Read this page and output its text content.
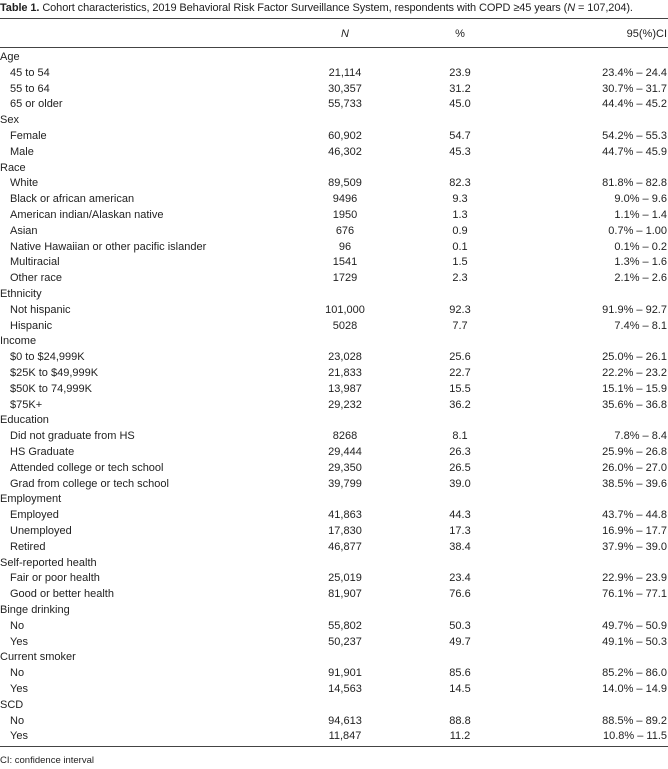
Table 1. Cohort characteristics, 2019 Behavioral Risk Factor Surveillance System, respondents with COPD ≥45 years (N = 107,204).
N	%	95(%)CI
Age
45 to 54	21,114	23.9	23.4% – 24.4
55 to 64	30,357	31.2	30.7% – 31.7
65 or older	55,733	45.0	44.4% – 45.2
Sex
Female	60,902	54.7	54.2% – 55.3
Male	46,302	45.3	44.7% – 45.9
Race
White	89,509	82.3	81.8% – 82.8
Black or african american	9496	9.3	9.0% – 9.6
American indian/Alaskan native	1950	1.3	1.1% – 1.4
Asian	676	0.9	0.7% – 1.00
Native Hawaiian or other pacific islander	96	0.1	0.1% – 0.2
Multiracial	1541	1.5	1.3% – 1.6
Other race	1729	2.3	2.1% – 2.6
Ethnicity
Not hispanic	101,000	92.3	91.9% – 92.7
Hispanic	5028	7.7	7.4% – 8.1
Income
$0 to $24,999K	23,028	25.6	25.0% – 26.1
$25K to $49,999K	21,833	22.7	22.2% – 23.2
$50K to 74,999K	13,987	15.5	15.1% – 15.9
$75K+	29,232	36.2	35.6% – 36.8
Education
Did not graduate from HS	8268	8.1	7.8% – 8.4
HS Graduate	29,444	26.3	25.9% – 26.8
Attended college or tech school	29,350	26.5	26.0% – 27.0
Grad from college or tech school	39,799	39.0	38.5% – 39.6
Employment
Employed	41,863	44.3	43.7% – 44.8
Unemployed	17,830	17.3	16.9% – 17.7
Retired	46,877	38.4	37.9% – 39.0
Self-reported health
Fair or poor health	25,019	23.4	22.9% – 23.9
Good or better health	81,907	76.6	76.1% – 77.1
Binge drinking
No	55,802	50.3	49.7% – 50.9
Yes	50,237	49.7	49.1% – 50.3
Current smoker
No	91,901	85.6	85.2% – 86.0
Yes	14,563	14.5	14.0% – 14.9
SCD
No	94,613	88.8	88.5% – 89.2
Yes	11,847	11.2	10.8% – 11.5
CI: confidence interval
